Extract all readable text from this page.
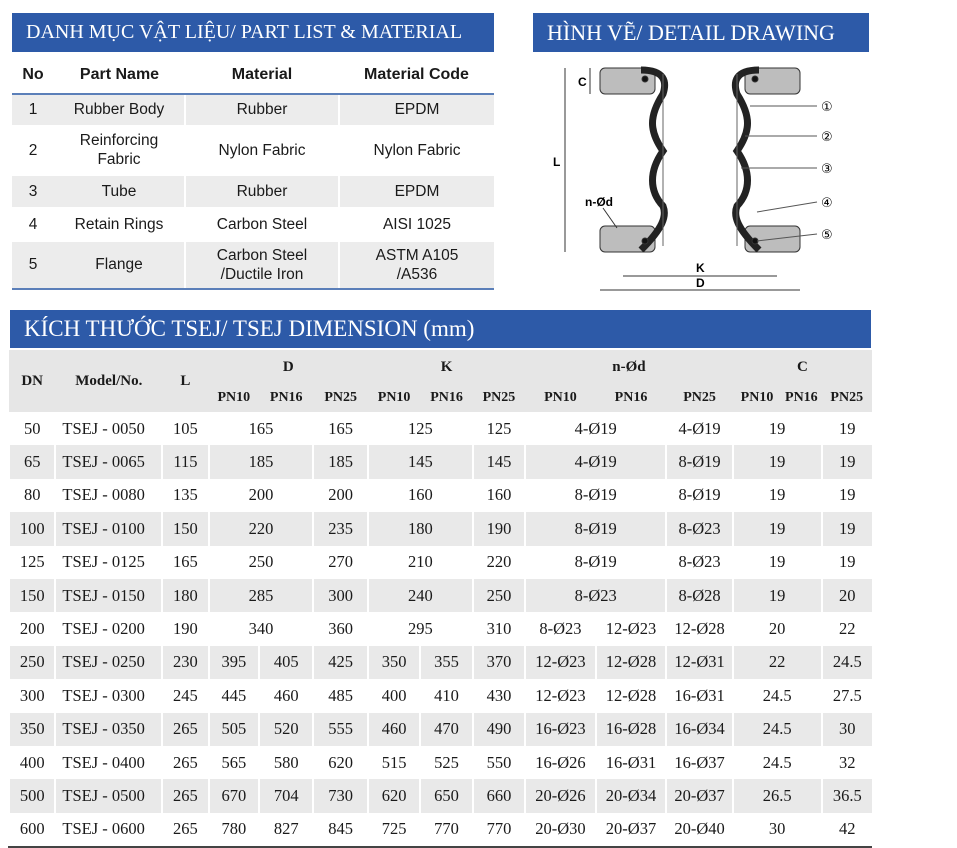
DANH MỤC VẬT LIỆU/ PART LIST & MATERIAL	HÌNH VẼ/ DETAIL DRAWING
KÍCH THƯỚC TSEJ/ TSEJ DIMENSION (mm)
No	Part Name	Material	Material Code
1	Rubber Body	Rubber	EPDM
2	Reinforcing Fabric	Nylon Fabric	Nylon Fabric
3	Tube	Rubber	EPDM
4	Retain Rings	Carbon Steel	AISI 1025
5	Flange	Carbon Steel /Ductile Iron	ASTM A105 /A536
C
L
n-Ød
K
D
①
②
③
④
⑤
DN	Model/No.	L	D			K			n-Ød			C		
			PN10	PN16	PN25	PN10	PN16	PN25	PN10	PN16	PN25	PN10	PN16	PN25
50	TSEJ - 0050	105	165		165	125		125	4-Ø19		4-Ø19	19		19
65	TSEJ - 0065	115	185		185	145		145	4-Ø19		8-Ø19	19		19
80	TSEJ - 0080	135	200		200	160		160	8-Ø19		8-Ø19	19		19
100	TSEJ - 0100	150	220		235	180		190	8-Ø19		8-Ø23	19		19
125	TSEJ - 0125	165	250		270	210		220	8-Ø19		8-Ø23	19		19
150	TSEJ - 0150	180	285		300	240		250	8-Ø23		8-Ø28	19		20
200	TSEJ - 0200	190	340		360	295		310	8-Ø23	12-Ø23	12-Ø28	20		22
250	TSEJ - 0250	230	395	405	425	350	355	370	12-Ø23	12-Ø28	12-Ø31	22		24.5
300	TSEJ - 0300	245	445	460	485	400	410	430	12-Ø23	12-Ø28	16-Ø31	24.5		27.5
350	TSEJ - 0350	265	505	520	555	460	470	490	16-Ø23	16-Ø28	16-Ø34	24.5		30
400	TSEJ - 0400	265	565	580	620	515	525	550	16-Ø26	16-Ø31	16-Ø37	24.5		32
500	TSEJ - 0500	265	670	704	730	620	650	660	20-Ø26	20-Ø34	20-Ø37	26.5		36.5
600	TSEJ - 0600	265	780	827	845	725	770	770	20-Ø30	20-Ø37	20-Ø40	30		42
